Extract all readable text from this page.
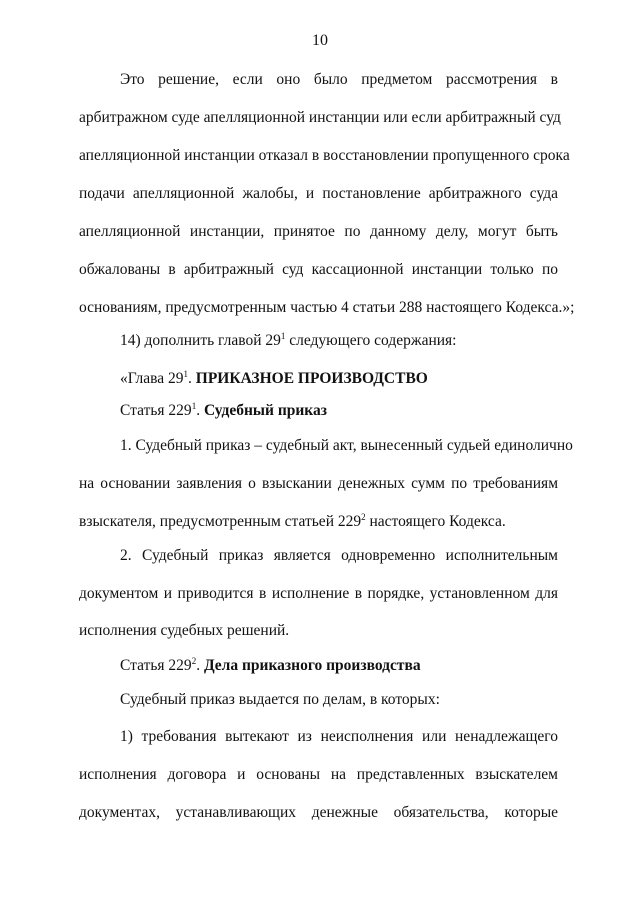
10
Это решение, если оно было предметом рассмотрения в
арбитражном суде апелляционной инстанции или если арбитражный суд
апелляционной инстанции отказал в восстановлении пропущенного срока
подачи апелляционной жалобы, и постановление арбитражного суда
апелляционной инстанции, принятое по данному делу, могут быть
обжалованы в арбитражный суд кассационной инстанции только по
основаниям, предусмотренным частью 4 статьи 288 настоящего Кодекса.»;
14) дополнить главой $29^1$ следующего содержания:
«Глава $29^1$. ПРИКАЗНОЕ ПРОИЗВОДСТВО
Статья $229^1$. Судебный приказ
1. Судебный приказ – судебный акт, вынесенный судьей единолично
на основании заявления о взыскании денежных сумм по требованиям
взыскателя, предусмотренным статьей $229^2$ настоящего Кодекса.
2. Судебный приказ является одновременно исполнительным
документом и приводится в исполнение в порядке, установленном для
исполнения судебных решений.
Статья $229^2$. Дела приказного производства
Судебный приказ выдается по делам, в которых:
1) требования вытекают из неисполнения или ненадлежащего
исполнения договора и основаны на представленных взыскателем
документах, устанавливающих денежные обязательства, которые
